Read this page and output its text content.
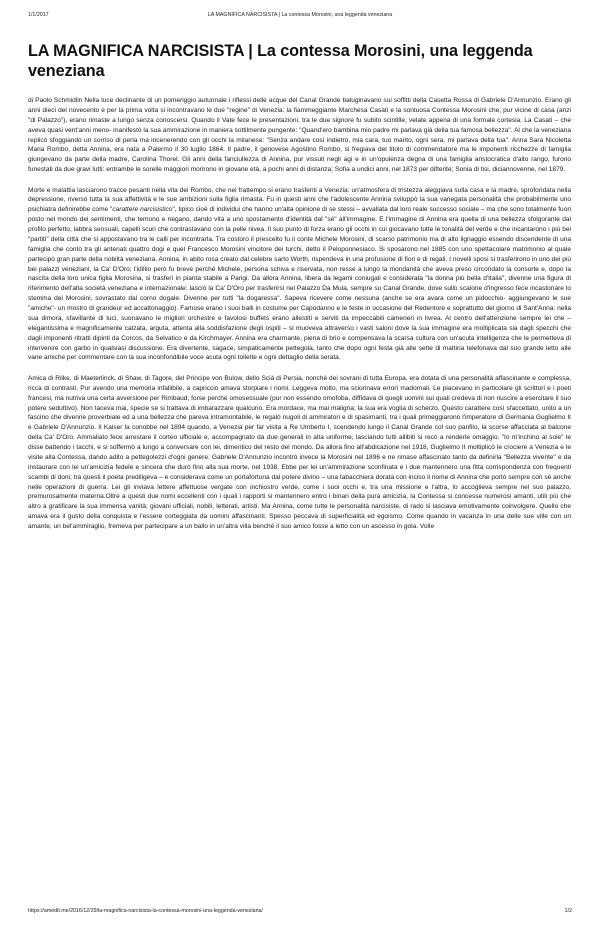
1/1/2017	LA MAGNIFICA NARCISISTA | La contessa Morosini, una leggenda veneziana
LA MAGNIFICA NARCISISTA | La contessa Morosini, una leggenda veneziana

di Paolo Schmidlin Nella luce declinante di un pomeriggio autunnale i riflessi delle acque del Canal Grande baluginavano sui soffitti della Casetta Rossa di Gabriele D'Annunzio. Erano gli anni dieci del novecento e per la prima volta si incontravano le due "regine" di Venezia: la fiammeggiante Marchesa Casati e la sontuosa Contessa Morosini che, pur vicine di casa (anzi "di Palazzo"), erano rimaste a lungo senza conoscersi. Quando il Vate fece le presentazioni, tra le due signore fu subito scintille, velate appena di una formale cortesia. La Casati – che aveva quasi vent'anni meno- manifestò la sua ammirazione in maniera sottilmente pungente: "Quand'ero bambina mio padre mi parlava già della tua famosa bellezza". Al che la veneziana replicò sfoggiando un sorriso di perla ma incenerendo con gli occhi la milanese: "Senza andare così indietro, mia cara, tuo marito, ogni sera, mi parlava della tua". Anna Sara Nicoletta Maria Rombo, detta Annina, era nata a Palermo il 30 luglio 1864. Il padre, il genovese Agostino Rombo, si fregiava del titolo di commendatore ma le imponenti ricchezze di famiglia giungevano da parte della madre, Carolina Thorel. Gli anni della fanciullezza di Annina, pur vissuti negli agi e in un'opulenza degna di una famiglia aristocratica d'alto rango, furono funestati da due gravi lutti: entrambe le sorelle maggiori morirono in giovane età, a pochi anni di distanza; Sofia a undici anni, nel 1873 per difterite; Sonia di tisi, diciannovenne, nel 1879.

Morte e malattia lasciarono tracce pesanti nella vita dei Rombo, che nel frattempo si erano trasferiti a Venezia: un'atmosfera di tristezza aleggiava sulla casa e la madre, sprofondata nella depressione, riversò tutta la sua affettività e le sue ambizioni sulla figlia rimasta. Fu in questi anni che l'adolescente Annina sviluppò la sua variegata personalità che probabilmente uno psichiatra definirebbe come "carattere narcisistico", tipico cioè di individui che hanno un'alta opinione di se stessi – avvallata dal loro reale successo sociale – ma che sono totalmente fuori posto nel mondo dei sentimenti, che temono e negano, dando vita a uno spostamento d'identità dal "sé" all'immagine. E l'immagine di Annina era quella di una bellezza sfolgorante dal profilo perfetto, labbra sensuali, capelli scuri che contrastavano con la pelle nivea. Il suo punto di forza erano gli occhi in cui giocavano tutte le tonalità del verde e che incantarono i più bei "partiti" della città che si appostavano tra le calli per incontrarla. Tra costoro il prescelto fu il conte Michele Morosini, di scarso patrimonio ma di alto lignaggio essendo discendente di una famiglia che contò tra gli antenati quattro dogi e quel Francesco Morosini vincitore dei turchi, detto il Peloponnesiaco. Si sposarono nel 1885 con uno spettacolare matrimonio al quale partecipò gran parte della nobiltà veneziana. Annina, in abito rosa creato dal celebre sarto Worth, rispendeva in una profusione di fiori e di regali. I novelli sposi si trasferirono in uno dei più bei palazzi veneziani, la Ca' D'Oro; l'idillio però fu breve perché Michele, persona schiva e riservata, non resse a lungo la mondanità che aveva preso circondato la consorte e, dopo la nascita della loro unica figlia Morosina, si trasferì in pianta stabile a Parigi. Da allora Annina, libera da legami coniugali e considerata "la donna più bella d'Italia", divenne una figura di riferimento dell'alta società veneziana e internazionale: lasciò la Ca' D'Oro per trasferirsi nel Palazzo Da Mula, sempre su Canal Grande, dove sullo scalone d'ingresso fece incastonare lo stemma dei Morosini, sovrastato dal corno dogale. Divenne per tutti "la dogaressa". Sapeva ricevere come nessuna (anche se era avara come un pidocchio- aggiungevano le sue "amiche"- un mostro di grandeur ed accattonaggio). Famose erano i suoi balli in costume per Capodanno e le feste in occasione del Redentore e soprattutto del giorno di Sant'Anna: nella sua dimora, sfavillante di luci, suonavano le migliori orchestre e favolosi buffets erano allestiti e serviti da impeccabili camerieri in livrea. Al centro dell'attenzione sempre lei che – elegantissima e magnificamente calzata, arguta, attenta alla soddisfazione degli ospiti – si muoveva attraverso i vasti saloni dove la sua immagine era moltiplicata sia dagli specchi che dagli imponenti ritratti dipinti da Corcos, da Selvatico e da Kirchmayer. Annina era charmante, piena di brio e compensava la scarsa cultura con un'acuta intelligenza che le permetteva di intervenire con garbo in qualsiasi discussione. Era divertente, sagace, simpaticamente pettegola, tanto che dopo ogni festa già alle sette di mattina telefonava dal suo grande letto alle varie amiche per commentare con la sua inconfondibile voce acuta ogni toilette e ogni dettaglio della serata.

Amica di Rilke, di Maeterlinck, di Shaw, di Tagore, del Principe von Bulow, dello Scià di Persia, nonché dei sovrani di tutta Europa, era dotata di una personalità affascinante e complessa, ricca di contrasti. Pur avendo una memoria infallibile, a capriccio amava storpiare i nomi. Leggeva molto, ma sciorinava errori madornali. Le piacevano in particolare gli scrittori e i poeti francesi, ma nutriva una certa avversione per Rimbaud, forse perché omosessuale (pur non essendo omofoba, diffidava di quegli uomini sui quali credeva di non riuscire a esercitare il suo potere seduttivo). Non taceva mai, specie se si trattava di imbarazzare qualcuno. Era mordace, ma mai maligna; la sua era voglia di scherzo. Questo carattere così sfaccettato, unito a un fascino che divenne proverbiale ed a una bellezza che pareva intramontabile, le regalò nugoli di ammiratori e di spasimanti, tra i quali primeggiarono l'imperatore di Germania Guglielmo II e Gabriele D'Annunzio. Il Kaiser la conobbe nel 1894 quando, a Venezia per far visita a Re Umberto I, scendendo lungo il Canal Grande col suo panfilo, la scorse affacciata al balcone della Ca' D'Oro. Ammaliato fece arrestare il corteo ufficiale e, accompagnato da due generali in alta uniforme, lasciando tutti allibiti si recò a renderle omaggio. "Io m'inchino al sole" le disse battendo i tacchi, e si soffermò a lungo a conversare con lei, dimentico del resto del mondo. Da allora fino all'abdicazione nel 1918, Guglielmo II moltiplicò le crociere a Venezia e le visite alla Contessa, dando adito a pettegolezzi d'ogni genere. Gabriele D'Annunzio incontrò invece la Morosini nel 1896 e ne rimase affascinato tanto da definirla "Bellezza vivente" e da instaurare con lei un'amicizia fedele e sincera che durò fino alla sua morte, nel 1938. Ebbe per lei un'ammirazione sconfinata e i due mantennero una fitta corrispondenza con frequenti scambi di doni; tra questi il poeta prediligeva – e considerava come un portafortuna dal potere divino – una tabacchiera dorata con inciso il nome di Annina che portò sempre con sé anche nelle operazioni di guerra. Lei gli inviava lettere affettuose vergate con inchiostro verde, come i suoi occhi e, tra una missione e l'altra, lo accoglieva sempre nel suo palazzo, premurosamente materna.Oltre a questi due nomi eccellenti con i quali i rapporti si mantennero entro i binari della pura amicizia, la Contessa si concesse numerosi amanti, utili più che altro a gratificare la sua immensa vanità; giovani ufficiali, nobili, letterati, artisti. Ma Annina, come tutte le personalità narcisiste, di rado si lasciava emotivamente coinvolgere. Quello che amava era il gusto della conquista e l'essere corteggiata da uomini affascinanti. Spesso peccava di superficialità ed egoismo. Come quando in vacanza in una delle sue ville con un amante, un bel'ammiraglio, fremeva per partecipare a un ballo in un'altra villa benché il suo amico fosse a letto con un ascesso in gola. Volle

https://amedit.me/2016/12/29/la-magnifica-narcisista-la-contessa-morosini-una-leggenda-veneziana/	1/2
